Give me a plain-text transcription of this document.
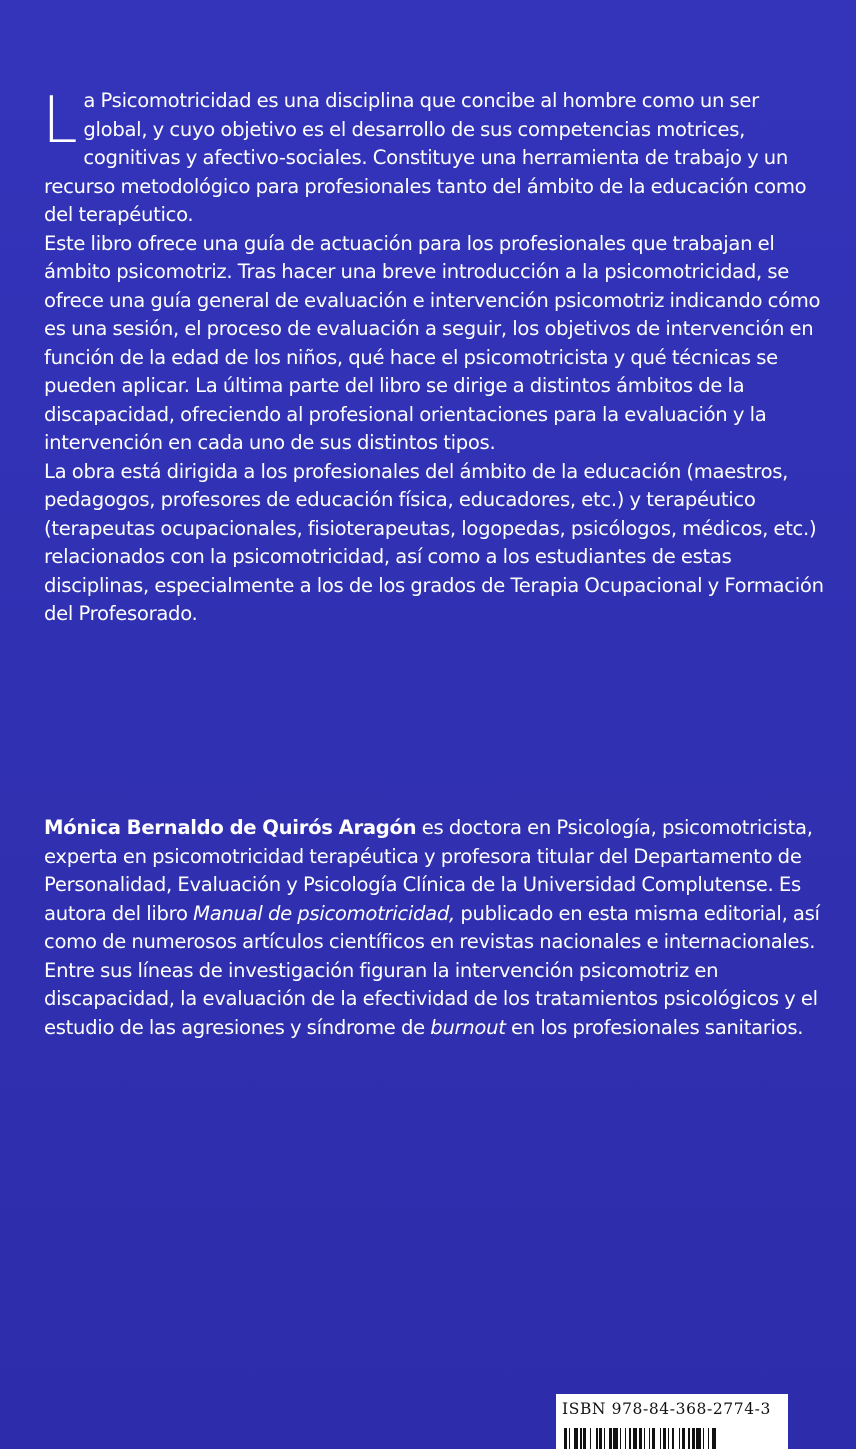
La Psicomotricidad es una disciplina que concibe al hombre como un ser global, y cuyo objetivo es el desarrollo de sus competencias motrices, cognitivas y afectivo-sociales. Constituye una herramienta de trabajo y un recurso metodológico para profesionales tanto del ámbito de la educación como del terapéutico.

Este libro ofrece una guía de actuación para los profesionales que trabajan el ámbito psicomotriz. Tras hacer una breve introducción a la psicomotricidad, se ofrece una guía general de evaluación e intervención psicomotriz indicando cómo es una sesión, el proceso de evaluación a seguir, los objetivos de intervención en función de la edad de los niños, qué hace el psicomotricista y qué técnicas se pueden aplicar. La última parte del libro se dirige a distintos ámbitos de la discapacidad, ofreciendo al profesional orientaciones para la evaluación y la intervención en cada uno de sus distintos tipos.

La obra está dirigida a los profesionales del ámbito de la educación (maestros, pedagogos, profesores de educación física, educadores, etc.) y terapéutico (terapeutas ocupacionales, fisioterapeutas, logopedas, psicólogos, médicos, etc.) relacionados con la psicomotricidad, así como a los estudiantes de estas disciplinas, especialmente a los de los grados de Terapia Ocupacional y Formación del Profesorado.

Mónica Bernaldo de Quirós Aragón es doctora en Psicología, psicomotricista, experta en psicomotricidad terapéutica y profesora titular del Departamento de Personalidad, Evaluación y Psicología Clínica de la Universidad Complutense. Es autora del libro Manual de psicomotricidad, publicado en esta misma editorial, así como de numerosos artículos científicos en revistas nacionales e internacionales. Entre sus líneas de investigación figuran la intervención psicomotriz en discapacidad, la evaluación de la efectividad de los tratamientos psicológicos y el estudio de las agresiones y síndrome de burnout en los profesionales sanitarios.

ISBN 978-84-368-2774-3
